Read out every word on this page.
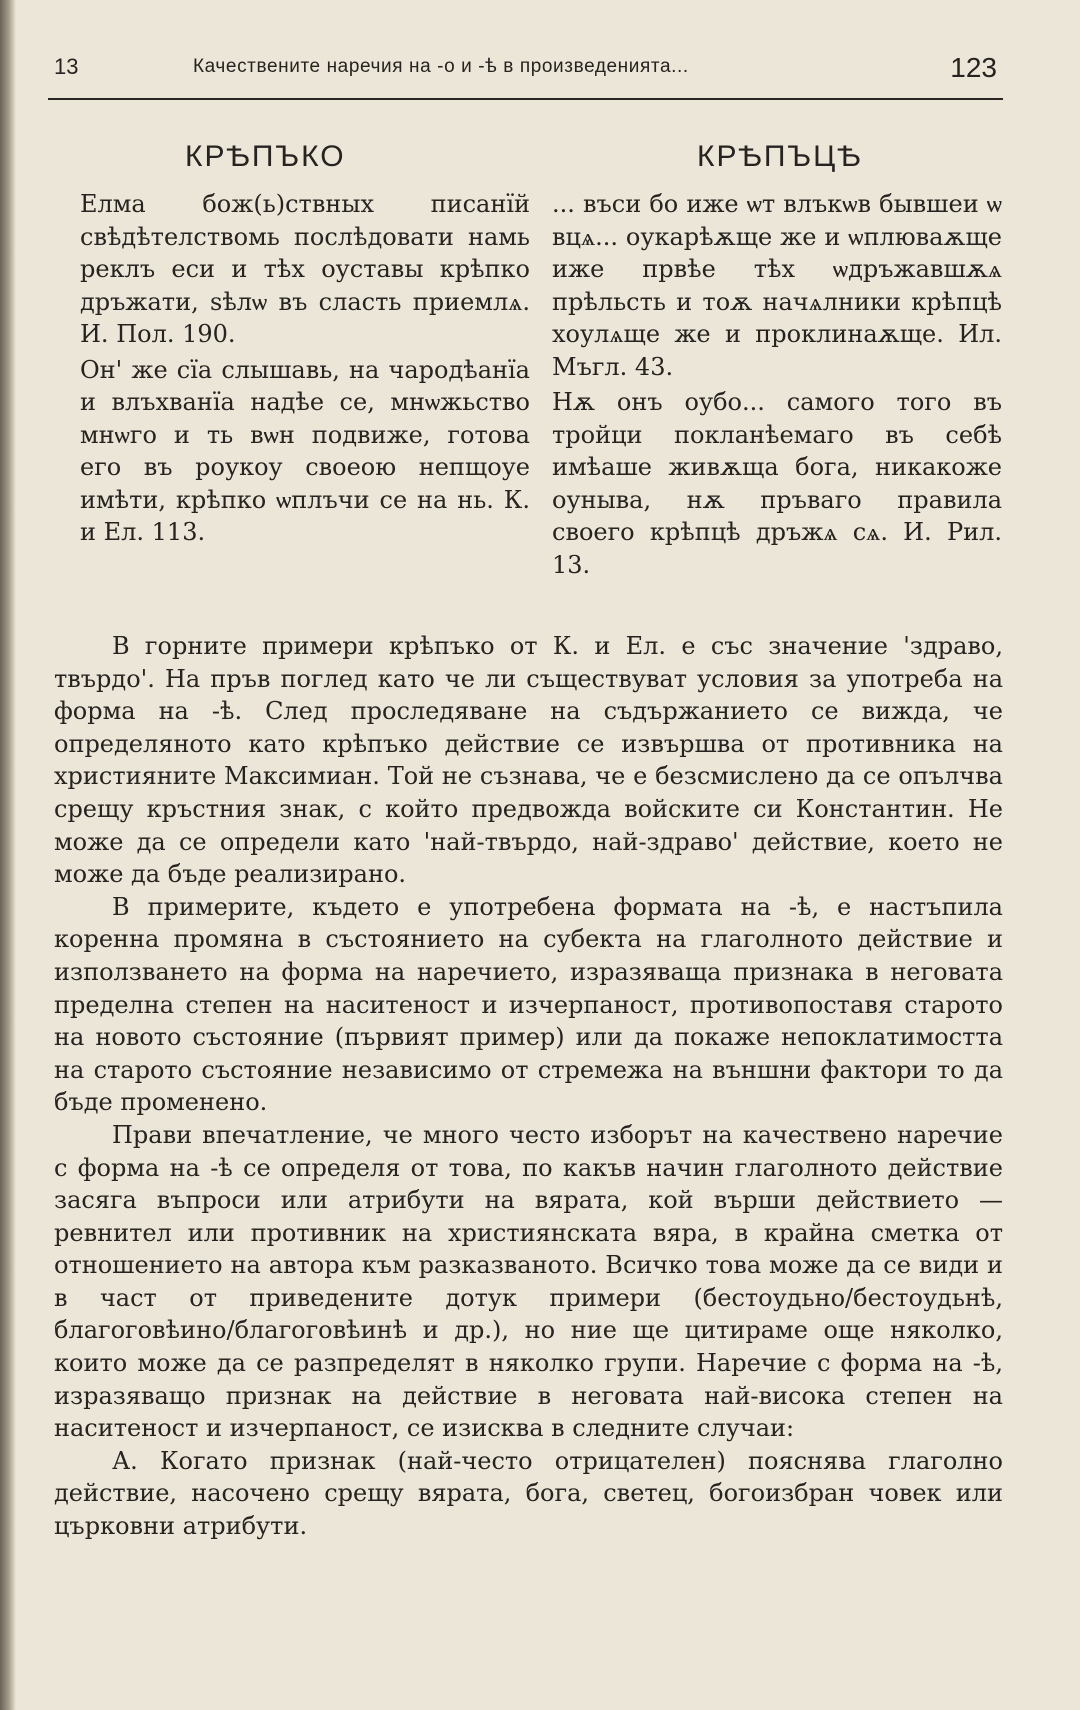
13	Качествените наречия на -о и -ѣ в произведенията...	123
КРѢПЪКО

Елма бож(ь)ствных писанїй свѣдѣтелствомь послѣдовати намь реклъ еси и тѣх оуставы крѣпко дръжати, ѕѣлѡ въ сласть приемлѧ. И. Пол. 190.

Он' же сїа слышавь, на чародѣанїа и влъхванїа надѣе се, мнѡжьство мнѡго и ть вѡн подвиже, готова его въ роукоу своеою непщоуе имѣти, крѣпко ѡплъчи се на нь. К. и Ел. 113.

КРѢПЪЦѢ

... въси бо иже ѡт влъкѡв бывшеи ѡ вцѧ... оукарѣѫще же и ѡплюваѫще иже првѣе тѣх ѡдръжавшѫѧ прѣльсть и тоѫ начѧлники крѣпцѣ хоулѧще же и проклинаѫще. Ил. Мъгл. 43.

Нѫ онъ оубо... самого того въ тройци покланѣемаго въ себѣ имѣаше живѫща бога, никакоже оуныва, нѫ пръваго правила своего крѣпцѣ дръжѧ сѧ. И. Рил. 13.

В горните примери крѣпъко от К. и Ел. е със значение 'здраво, твърдо'. На пръв поглед като че ли съществуват условия за употреба на форма на -ѣ. След проследяване на съдържанието се вижда, че определяното като крѣпъко действие се извършва от противника на християните Максимиан. Той не съзнава, че е безсмислено да се опълчва срещу кръстния знак, с който предвожда войските си Константин. Не може да се определи като 'най-твърдо, най-здраво' действие, което не може да бъде реализирано.

В примерите, където е употребена формата на -ѣ, е настъпила коренна промяна в състоянието на субекта на глаголното действие и използването на форма на наречието, изразяваща признака в неговата пределна степен на наситеност и изчерпаност, противопоставя старото на новото състояние (първият пример) или да покаже непоклатимостта на старото състояние независимо от стремежа на външни фактори то да бъде променено.

Прави впечатление, че много често изборът на качествено наречие с форма на -ѣ се определя от това, по какъв начин глаголното действие засяга въпроси или атрибути на вярата, кой върши действието — ревнител или противник на християнската вяра, в крайна сметка от отношението на автора към разказваното. Всичко това може да се види и в част от приведените дотук примери (бестоудьно/бестоудьнѣ, благоговѣино/благоговѣинѣ и др.), но ние ще цитираме още няколко, които може да се разпределят в няколко групи. Наречие с форма на -ѣ, изразяващо признак на действие в неговата най-висока степен на наситеност и изчерпаност, се изисква в следните случаи:

А. Когато признак (най-често отрицателен) пояснява глаголно действие, насочено срещу вярата, бога, светец, богоизбран човек или църковни атрибути.
